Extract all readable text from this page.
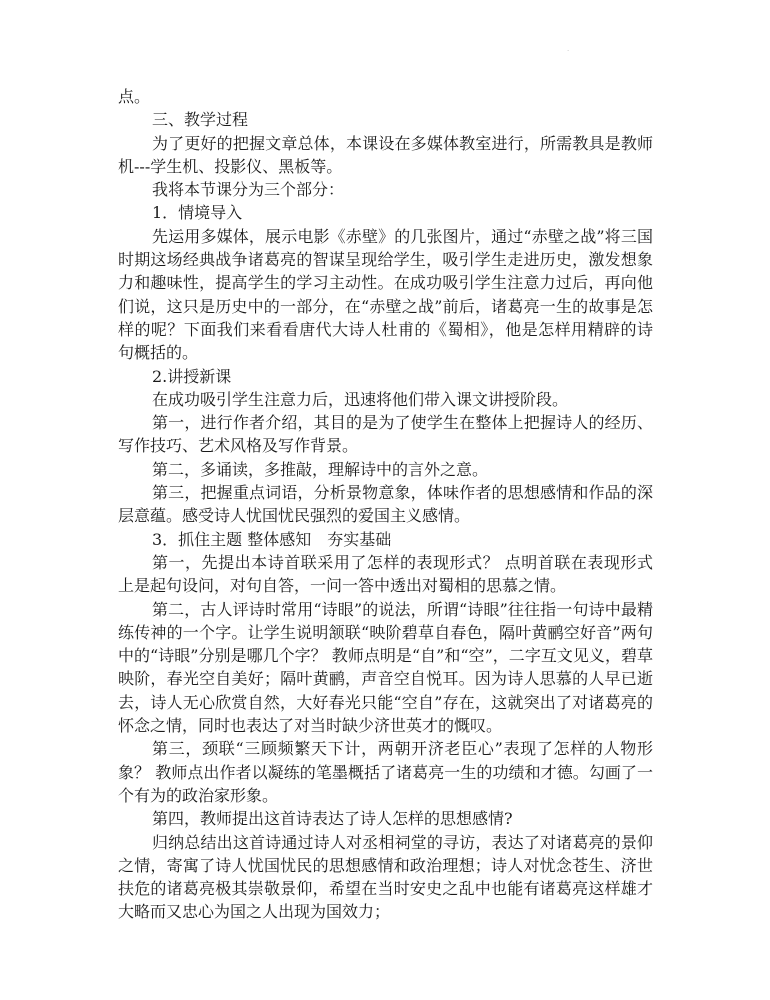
·

点。

三、教学过程

为了更好的把握文章总体，本课设在多媒体教室进行，所需教具是教师机---学生机、投影仪、黑板等。

我将本节课分为三个部分：

1．情境导入

先运用多媒体，展示电影《赤壁》的几张图片，通过“赤壁之战”将三国时期这场经典战争诸葛亮的智谋呈现给学生，吸引学生走进历史，激发想象力和趣味性，提高学生的学习主动性。在成功吸引学生注意力过后，再向他们说，这只是历史中的一部分，在“赤壁之战”前后，诸葛亮一生的故事是怎样的呢？下面我们来看看唐代大诗人杜甫的《蜀相》，他是怎样用精辟的诗句概括的。

2.讲授新课

在成功吸引学生注意力后，迅速将他们带入课文讲授阶段。

第一，进行作者介绍，其目的是为了使学生在整体上把握诗人的经历、写作技巧、艺术风格及写作背景。

第二，多诵读，多推敲，理解诗中的言外之意。

第三，把握重点词语，分析景物意象，体味作者的思想感情和作品的深层意蕴。感受诗人忧国忧民强烈的爱国主义感情。

3．抓住主题 整体感知　夯实基础

第一，先提出本诗首联采用了怎样的表现形式？ 点明首联在表现形式上是起句设问，对句自答，一问一答中透出对蜀相的思慕之情。

第二，古人评诗时常用“诗眼”的说法，所谓“诗眼”往往指一句诗中最精练传神的一个字。让学生说明颔联“映阶碧草自春色，隔叶黄鹂空好音”两句中的“诗眼”分别是哪几个字？ 教师点明是“自”和“空”，二字互文见义，碧草映阶，春光空自美好；隔叶黄鹂，声音空自悦耳。因为诗人思慕的人早已逝去，诗人无心欣赏自然，大好春光只能“空自”存在，这就突出了对诸葛亮的怀念之情，同时也表达了对当时缺少济世英才的慨叹。

第三，颈联“三顾频繁天下计，两朝开济老臣心”表现了怎样的人物形象？ 教师点出作者以凝练的笔墨概括了诸葛亮一生的功绩和才德。勾画了一个有为的政治家形象。

第四，教师提出这首诗表达了诗人怎样的思想感情?

归纳总结出这首诗通过诗人对丞相祠堂的寻访，表达了对诸葛亮的景仰之情，寄寓了诗人忧国忧民的思想感情和政治理想；诗人对忧念苍生、济世扶危的诸葛亮极其崇敬景仰，希望在当时安史之乱中也能有诸葛亮这样雄才大略而又忠心为国之人出现为国效力；
